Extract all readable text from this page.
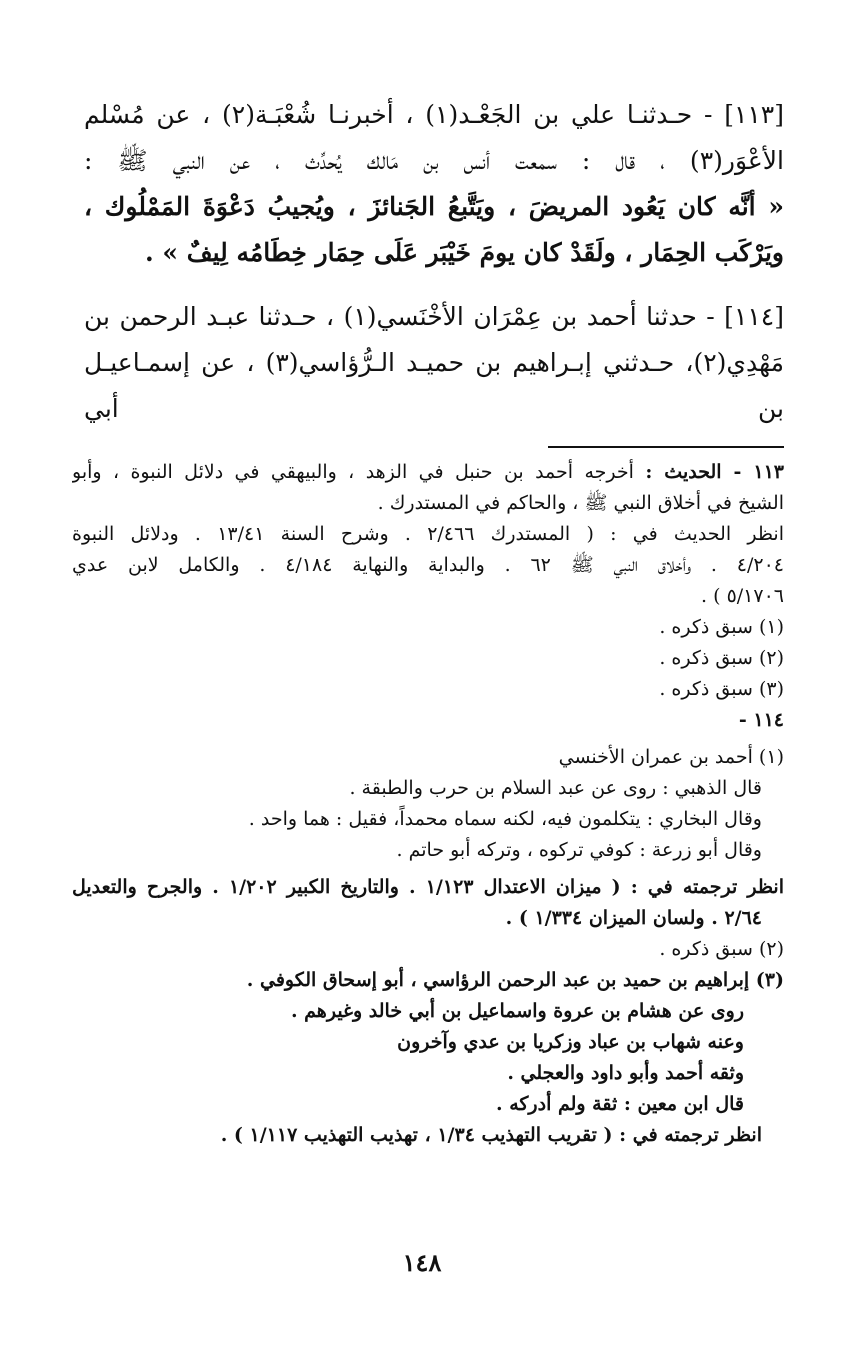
[١١٣] - حـدثنـا علي بن الجَعْـد(١) ، أخبرنـا شُعْبَـة(٢) ، عن مُسْلم
الأعْوَر(٣) ، قال : سمعت أنس بن مَالك يُحدِّث ، عن النبي ﷺ :
« أنَّه كان يَعُود المريضَ ، ويَتَّبعُ الجَنائزَ ، ويُجيبُ دَعْوَةَ المَمْلُوك ،
ويَرْكَب الحِمَار ، ولَقَدْ كان يومَ خَيْبَر عَلَى حِمَار خِطَامُه لِيفٌ » .

[١١٤] - حدثنا أحمد بن عِمْرَان الأخْنَسي(١) ، حـدثنا عبـد الرحمن بن
مَهْدِي(٢)، حـدثني إبـراهيم بن حميـد الـرُّؤاسي(٣) ، عن إسمـاعيـل بن أبي

١١٣ - الحديث : أخرجه أحمد بن حنبل في الزهد ، والبيهقي في دلائل النبوة ، وأبو
الشيخ في أخلاق النبي ﷺ ، والحاكم في المستدرك .
انظر الحديث في : ( المستدرك ٢/٤٦٦ . وشرح السنة ١٣/٤١ . ودلائل النبوة
٤/٢٠٤ . وأخلاق النبي ﷺ ٦٢ . والبداية والنهاية ٤/١٨٤ . والكامل لابن عدي
٥/١٧٠٦ ) .
(١) سبق ذكره .
(٢) سبق ذكره .
(٣) سبق ذكره .
١١٤ -
(١) أحمد بن عمران الأخنسي
قال الذهبي : روى عن عبد السلام بن حرب والطبقة .
وقال البخاري : يتكلمون فيه، لكنه سماه محمداً، فقيل : هما واحد .
وقال أبو زرعة : كوفي تركوه ، وتركه أبو حاتم .
انظر ترجمته في : ( ميزان الاعتدال ١/١٢٣ . والتاريخ الكبير ١/٢٠٢ . والجرح والتعديل
٢/٦٤ . ولسان الميزان ١/٣٣٤ ) .
(٢) سبق ذكره .
(٣) إبراهيم بن حميد بن عبد الرحمن الرؤاسي ، أبو إسحاق الكوفي .
روى عن هشام بن عروة واسماعيل بن أبي خالد وغيرهم .
وعنه شهاب بن عباد وزكريا بن عدي وآخرون
وثقه أحمد وأبو داود والعجلي .
قال ابن معين : ثقة ولم أدركه .
انظر ترجمته في : ( تقريب التهذيب ١/٣٤ ، تهذيب التهذيب ١/١١٧ ) .
١٤٨
